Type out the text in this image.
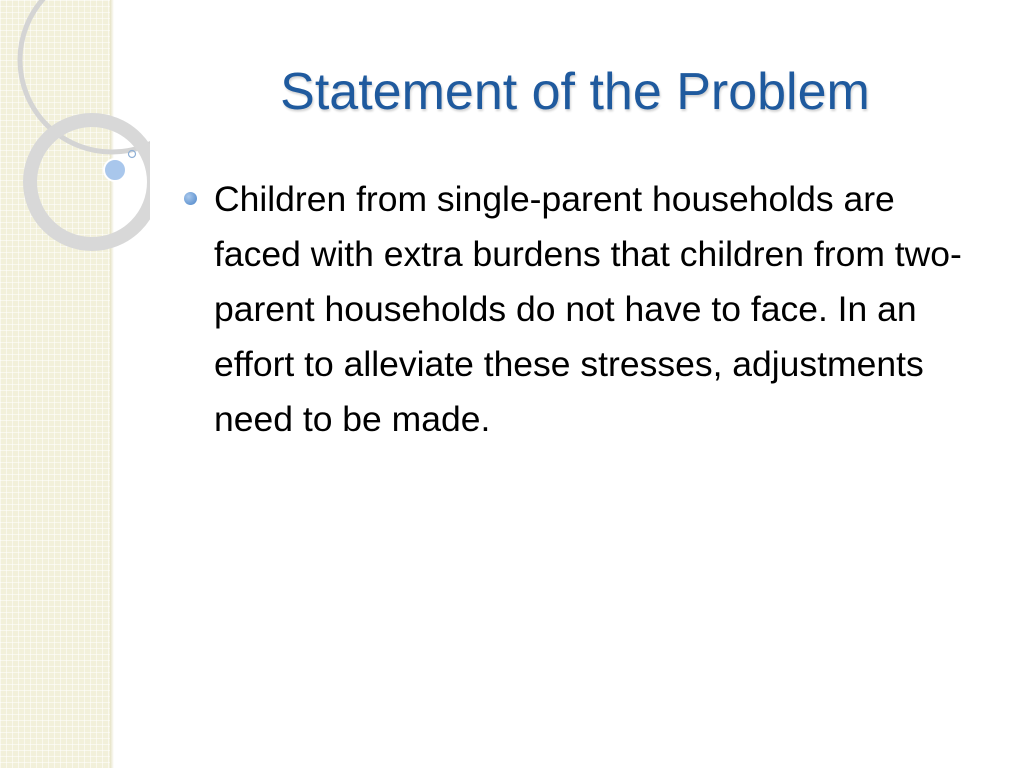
Statement of the Problem

Children from single-parent households are faced with extra burdens that children from two-parent households do not have to face. In an effort to alleviate these stresses, adjustments need to be made.
